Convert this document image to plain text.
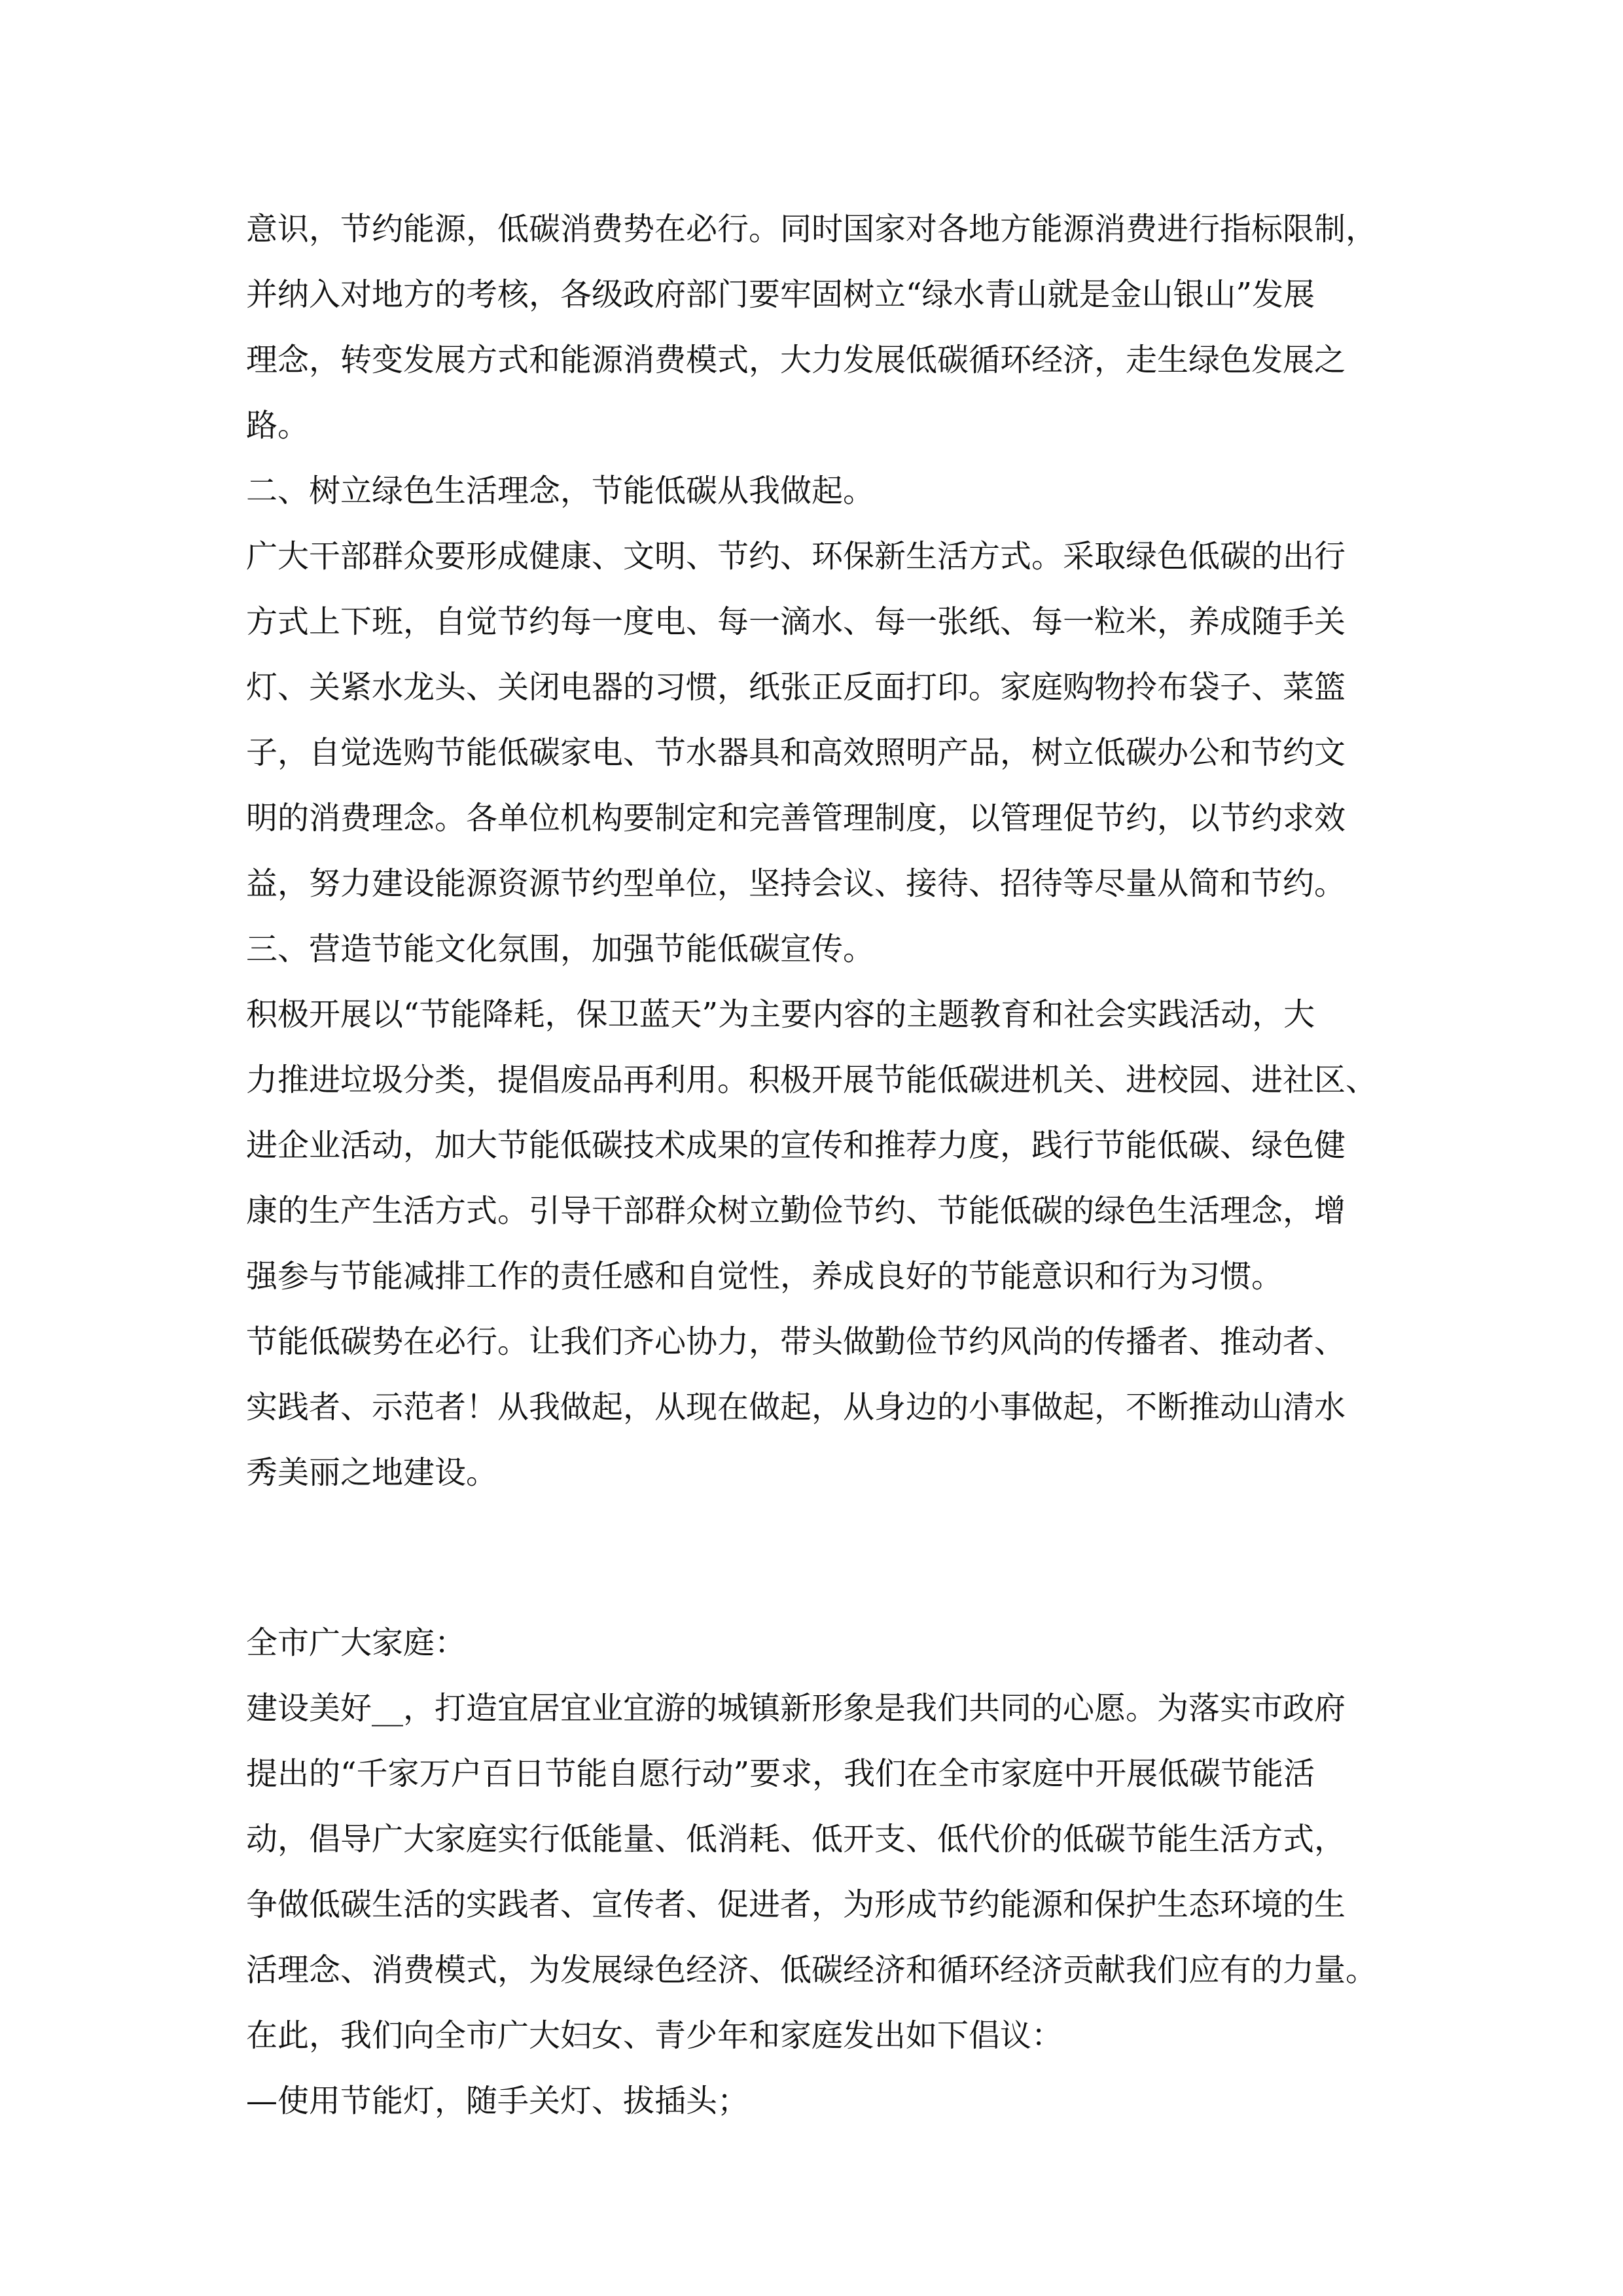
意识，节约能源，低碳消费势在必行。同时国家对各地方能源消费进行指标限制，
并纳入对地方的考核，各级政府部门要牢固树立“绿水青山就是金山银山”发展
理念，转变发展方式和能源消费模式，大力发展低碳循环经济，走生绿色发展之
路。
二、树立绿色生活理念，节能低碳从我做起。
广大干部群众要形成健康、文明、节约、环保新生活方式。采取绿色低碳的出行
方式上下班，自觉节约每一度电、每一滴水、每一张纸、每一粒米，养成随手关
灯、关紧水龙头、关闭电器的习惯，纸张正反面打印。家庭购物拎布袋子、菜篮
子，自觉选购节能低碳家电、节水器具和高效照明产品，树立低碳办公和节约文
明的消费理念。各单位机构要制定和完善管理制度，以管理促节约，以节约求效
益，努力建设能源资源节约型单位，坚持会议、接待、招待等尽量从简和节约。
三、营造节能文化氛围，加强节能低碳宣传。
积极开展以“节能降耗，保卫蓝天”为主要内容的主题教育和社会实践活动，大
力推进垃圾分类，提倡废品再利用。积极开展节能低碳进机关、进校园、进社区、
进企业活动，加大节能低碳技术成果的宣传和推荐力度，践行节能低碳、绿色健
康的生产生活方式。引导干部群众树立勤俭节约、节能低碳的绿色生活理念，增
强参与节能减排工作的责任感和自觉性，养成良好的节能意识和行为习惯。
节能低碳势在必行。让我们齐心协力，带头做勤俭节约风尚的传播者、推动者、
实践者、示范者！从我做起，从现在做起，从身边的小事做起，不断推动山清水
秀美丽之地建设。
全市广大家庭：
建设美好__，打造宜居宜业宜游的城镇新形象是我们共同的心愿。为落实市政府
提出的“千家万户百日节能自愿行动”要求，我们在全市家庭中开展低碳节能活
动，倡导广大家庭实行低能量、低消耗、低开支、低代价的低碳节能生活方式，
争做低碳生活的实践者、宣传者、促进者，为形成节约能源和保护生态环境的生
活理念、消费模式，为发展绿色经济、低碳经济和循环经济贡献我们应有的力量。
在此，我们向全市广大妇女、青少年和家庭发出如下倡议：
—使用节能灯，随手关灯、拔插头；
